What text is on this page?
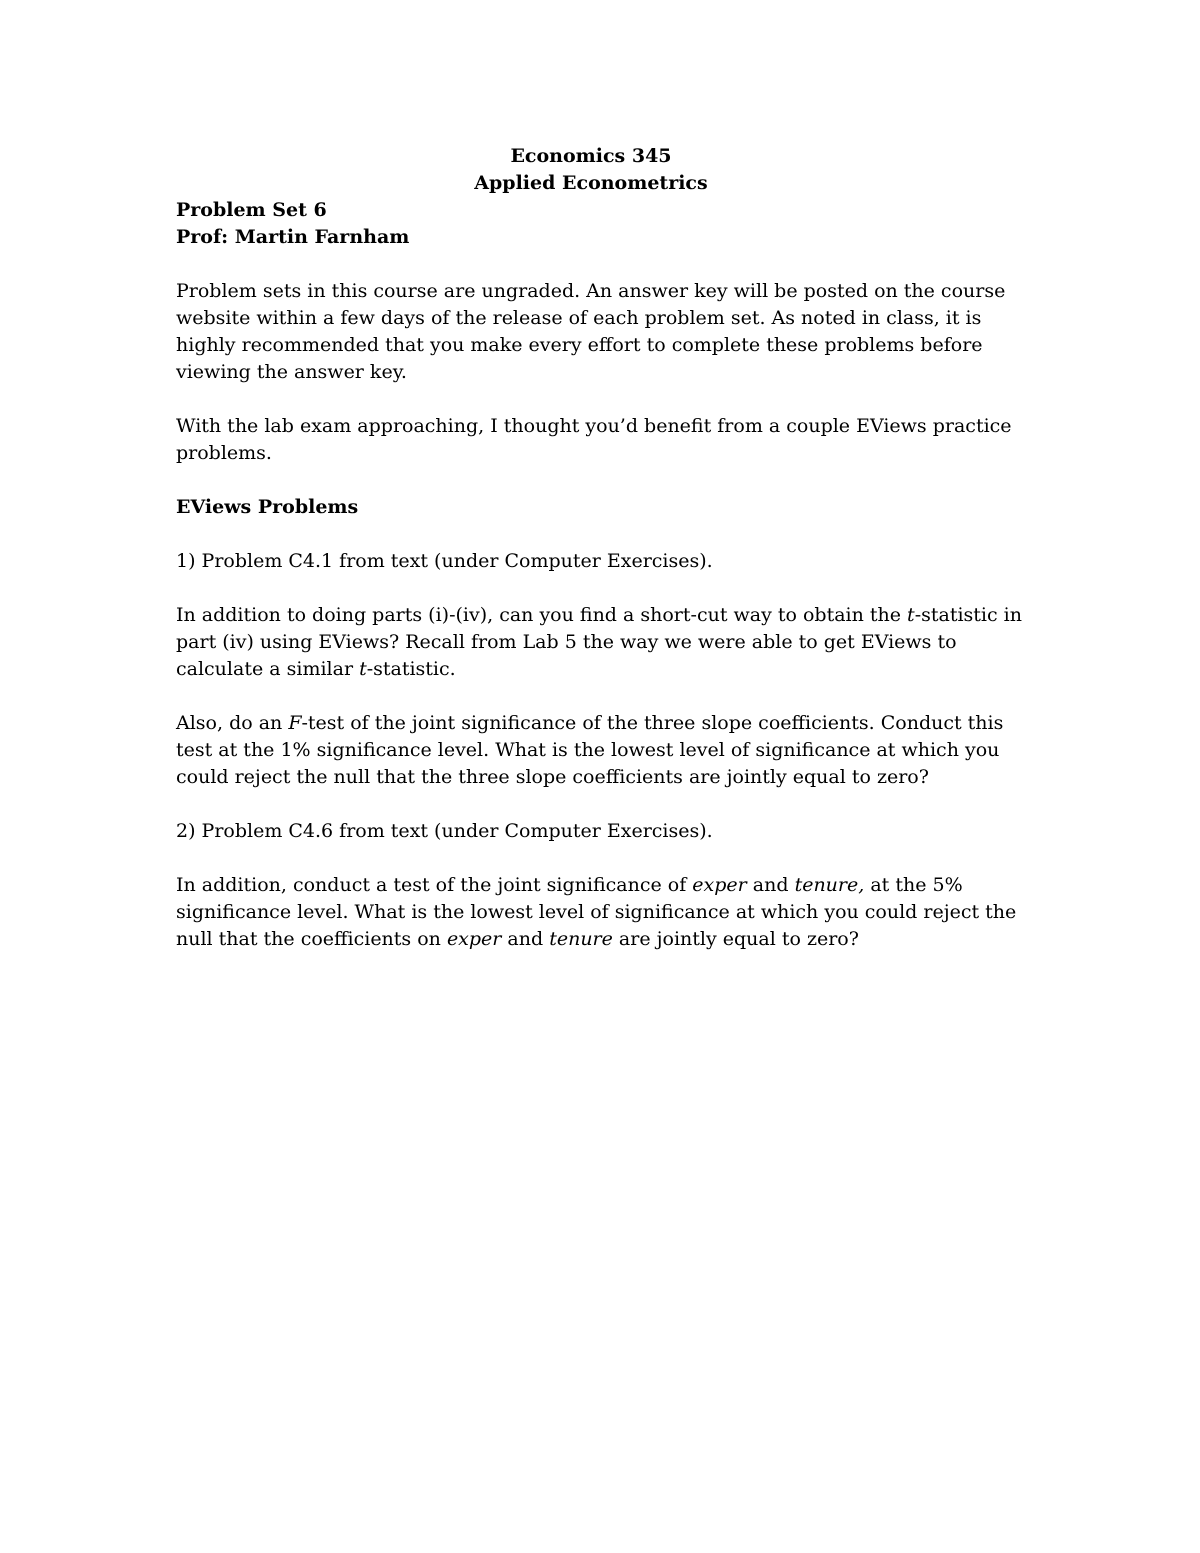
Economics 345
Applied Econometrics
Problem Set 6
Prof: Martin Farnham

Problem sets in this course are ungraded. An answer key will be posted on the course website within a few days of the release of each problem set. As noted in class, it is highly recommended that you make every effort to complete these problems before viewing the answer key.

With the lab exam approaching, I thought you’d benefit from a couple EViews practice problems.

EViews Problems

1) Problem C4.1 from text (under Computer Exercises).

In addition to doing parts (i)-(iv), can you find a short-cut way to obtain the t-statistic in part (iv) using EViews? Recall from Lab 5 the way we were able to get EViews to calculate a similar t-statistic.

Also, do an F-test of the joint significance of the three slope coefficients. Conduct this test at the 1% significance level. What is the lowest level of significance at which you could reject the null that the three slope coefficients are jointly equal to zero?

2) Problem C4.6 from text (under Computer Exercises).

In addition, conduct a test of the joint significance of exper and tenure, at the 5% significance level. What is the lowest level of significance at which you could reject the null that the coefficients on exper and tenure are jointly equal to zero?
